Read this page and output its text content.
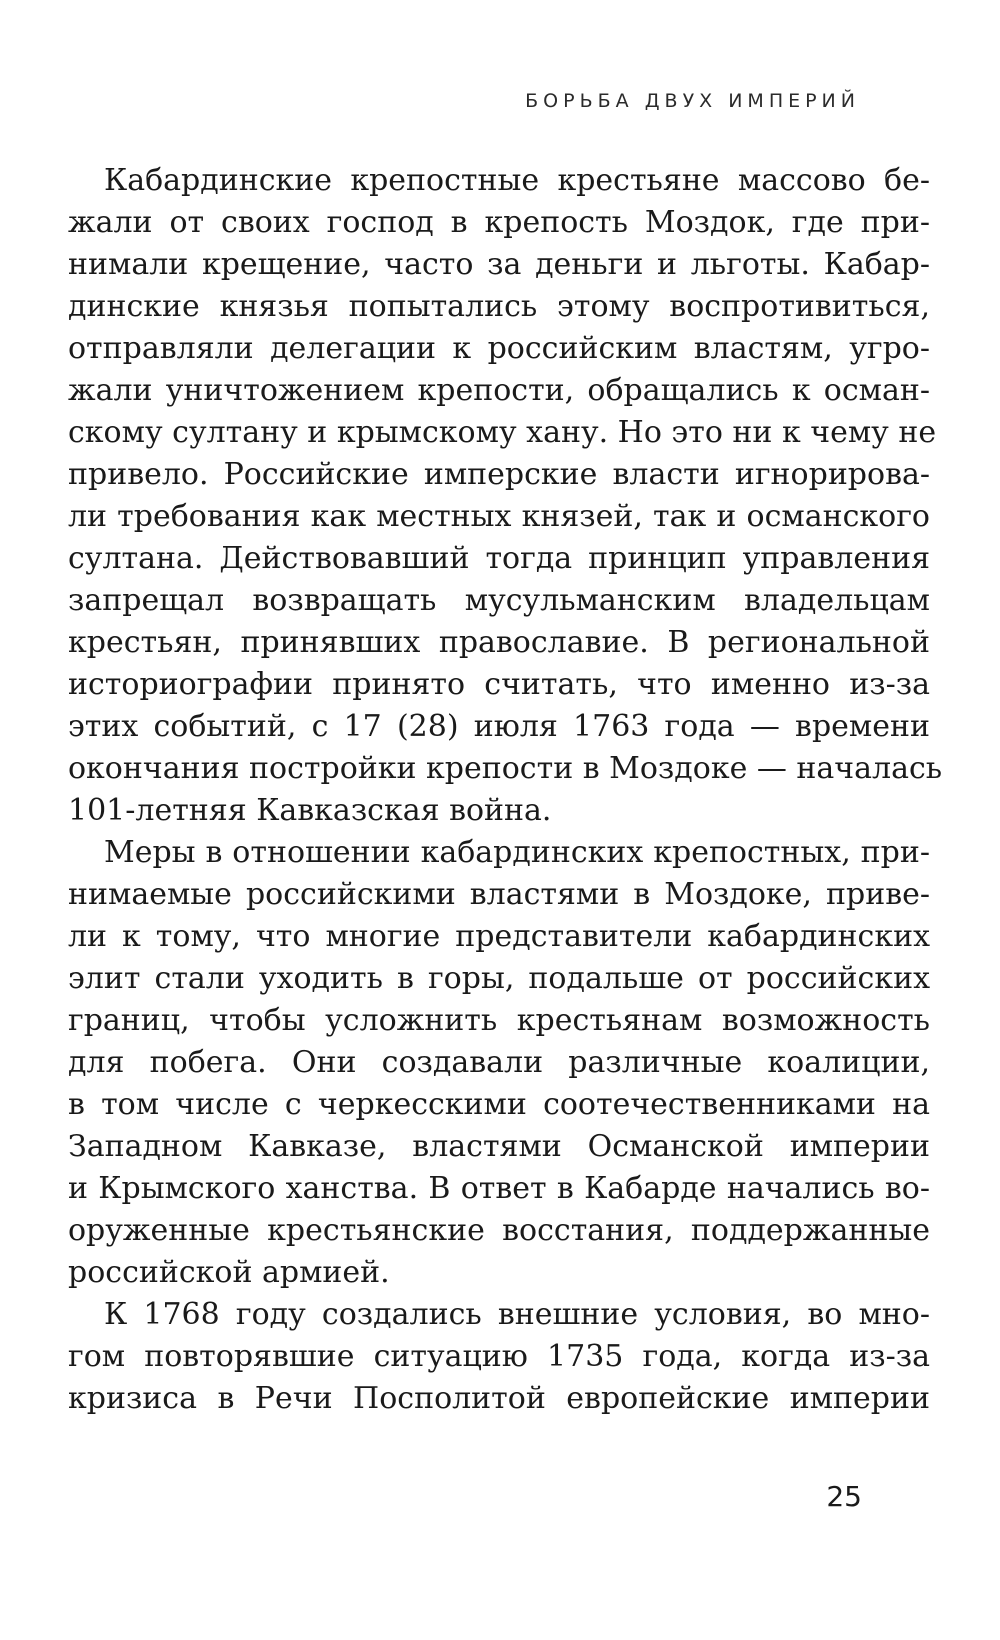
БОРЬБА ДВУХ ИМПЕРИЙ
Кабардинские крепостные крестьяне массово бе-
жали от своих господ в крепость Моздок, где при-
нимали крещение, часто за деньги и льготы. Кабар-
динские князья попытались этому воспротивиться,
отправляли делегации к российским властям, угро-
жали уничтожением крепости, обращались к осман-
скому султану и крымскому хану. Но это ни к чему не
привело. Российские имперские власти игнорирова-
ли требования как местных князей, так и османского
султана. Действовавший тогда принцип управления
запрещал возвращать мусульманским владельцам
крестьян, принявших православие. В региональной
историографии принято считать, что именно из-за
этих событий, с 17 (28) июля 1763 года — времени
окончания постройки крепости в Моздоке — началась
101-летняя Кавказская война.
Меры в отношении кабардинских крепостных, при-
нимаемые российскими властями в Моздоке, приве-
ли к тому, что многие представители кабардинских
элит стали уходить в горы, подальше от российских
границ, чтобы усложнить крестьянам возможность
для побега. Они создавали различные коалиции,
в том числе с черкесскими соотечественниками на
Западном Кавказе, властями Османской империи
и Крымского ханства. В ответ в Кабарде начались во-
оруженные крестьянские восстания, поддержанные
российской армией.
К 1768 году создались внешние условия, во мно-
гом повторявшие ситуацию 1735 года, когда из-за
кризиса в Речи Посполитой европейские империи
25
